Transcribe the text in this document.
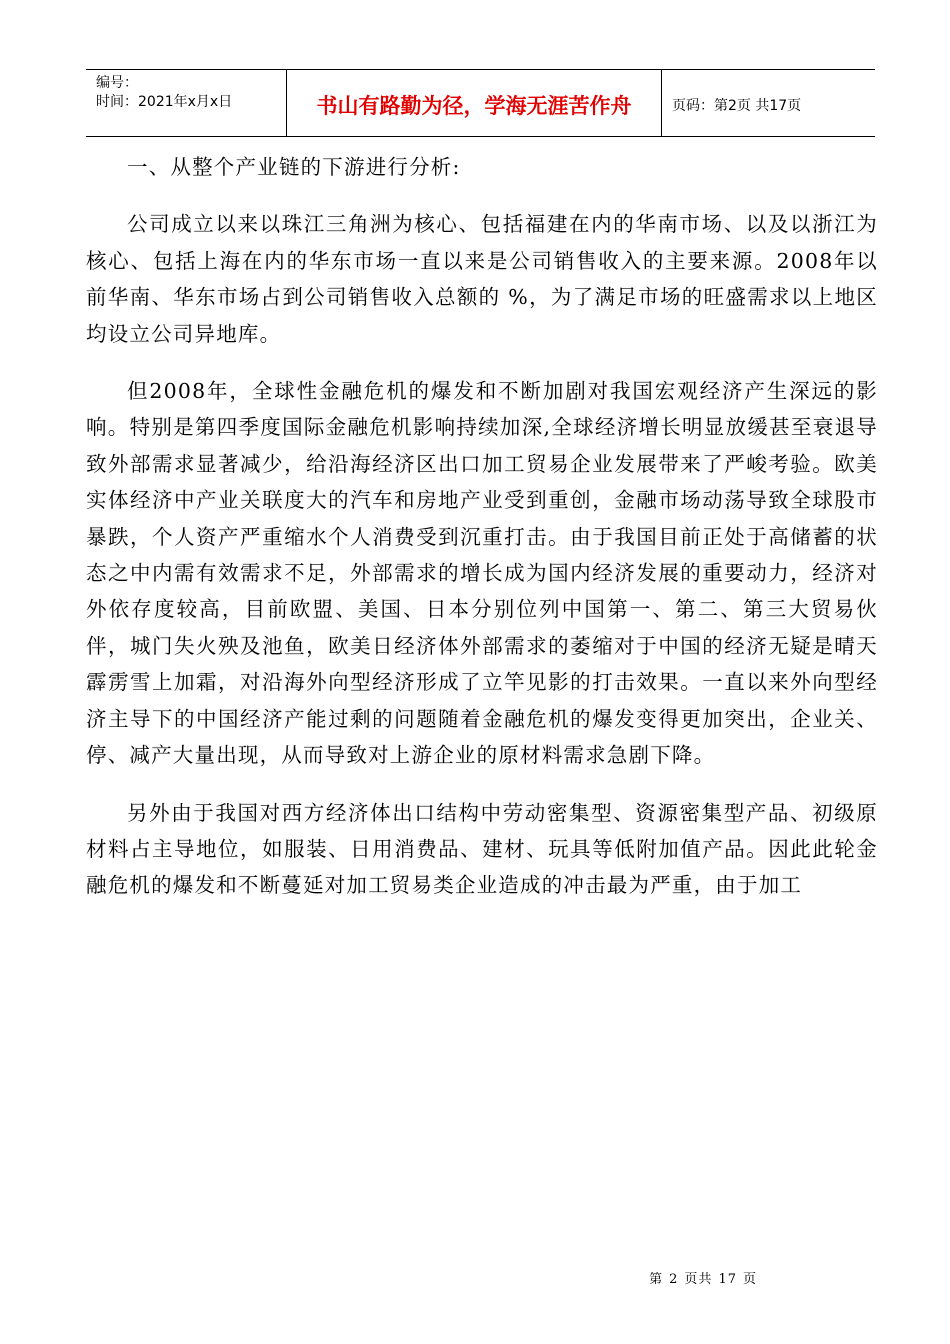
编号：
时间：2021年x月x日	书山有路勤为径，学海无涯苦作舟	页码：第2页 共17页

一、从整个产业链的下游进行分析:

公司成立以来以珠江三角洲为核心、包括福建在内的华南市场、以及以浙江为核心、包括上海在内的华东市场一直以来是公司销售收入的主要来源。2008年以前华南、华东市场占到公司销售收入总额的 %，为了满足市场的旺盛需求以上地区均设立公司异地库。

但2008年，全球性金融危机的爆发和不断加剧对我国宏观经济产生深远的影响。特别是第四季度国际金融危机影响持续加深,全球经济增长明显放缓甚至衰退导致外部需求显著减少，给沿海经济区出口加工贸易企业发展带来了严峻考验。欧美实体经济中产业关联度大的汽车和房地产业受到重创，金融市场动荡导致全球股市暴跌，个人资产严重缩水个人消费受到沉重打击。由于我国目前正处于高储蓄的状态之中内需有效需求不足，外部需求的增长成为国内经济发展的重要动力，经济对外依存度较高，目前欧盟、美国、日本分别位列中国第一、第二、第三大贸易伙伴，城门失火殃及池鱼，欧美日经济体外部需求的萎缩对于中国的经济无疑是晴天霹雳雪上加霜，对沿海外向型经济形成了立竿见影的打击效果。一直以来外向型经济主导下的中国经济产能过剩的问题随着金融危机的爆发变得更加突出，企业关、停、减产大量出现，从而导致对上游企业的原材料需求急剧下降。

另外由于我国对西方经济体出口结构中劳动密集型、资源密集型产品、初级原材料占主导地位，如服装、日用消费品、建材、玩具等低附加值产品。因此此轮金融危机的爆发和不断蔓延对加工贸易类企业造成的冲击最为严重，由于加工

第 2 页共 17 页
